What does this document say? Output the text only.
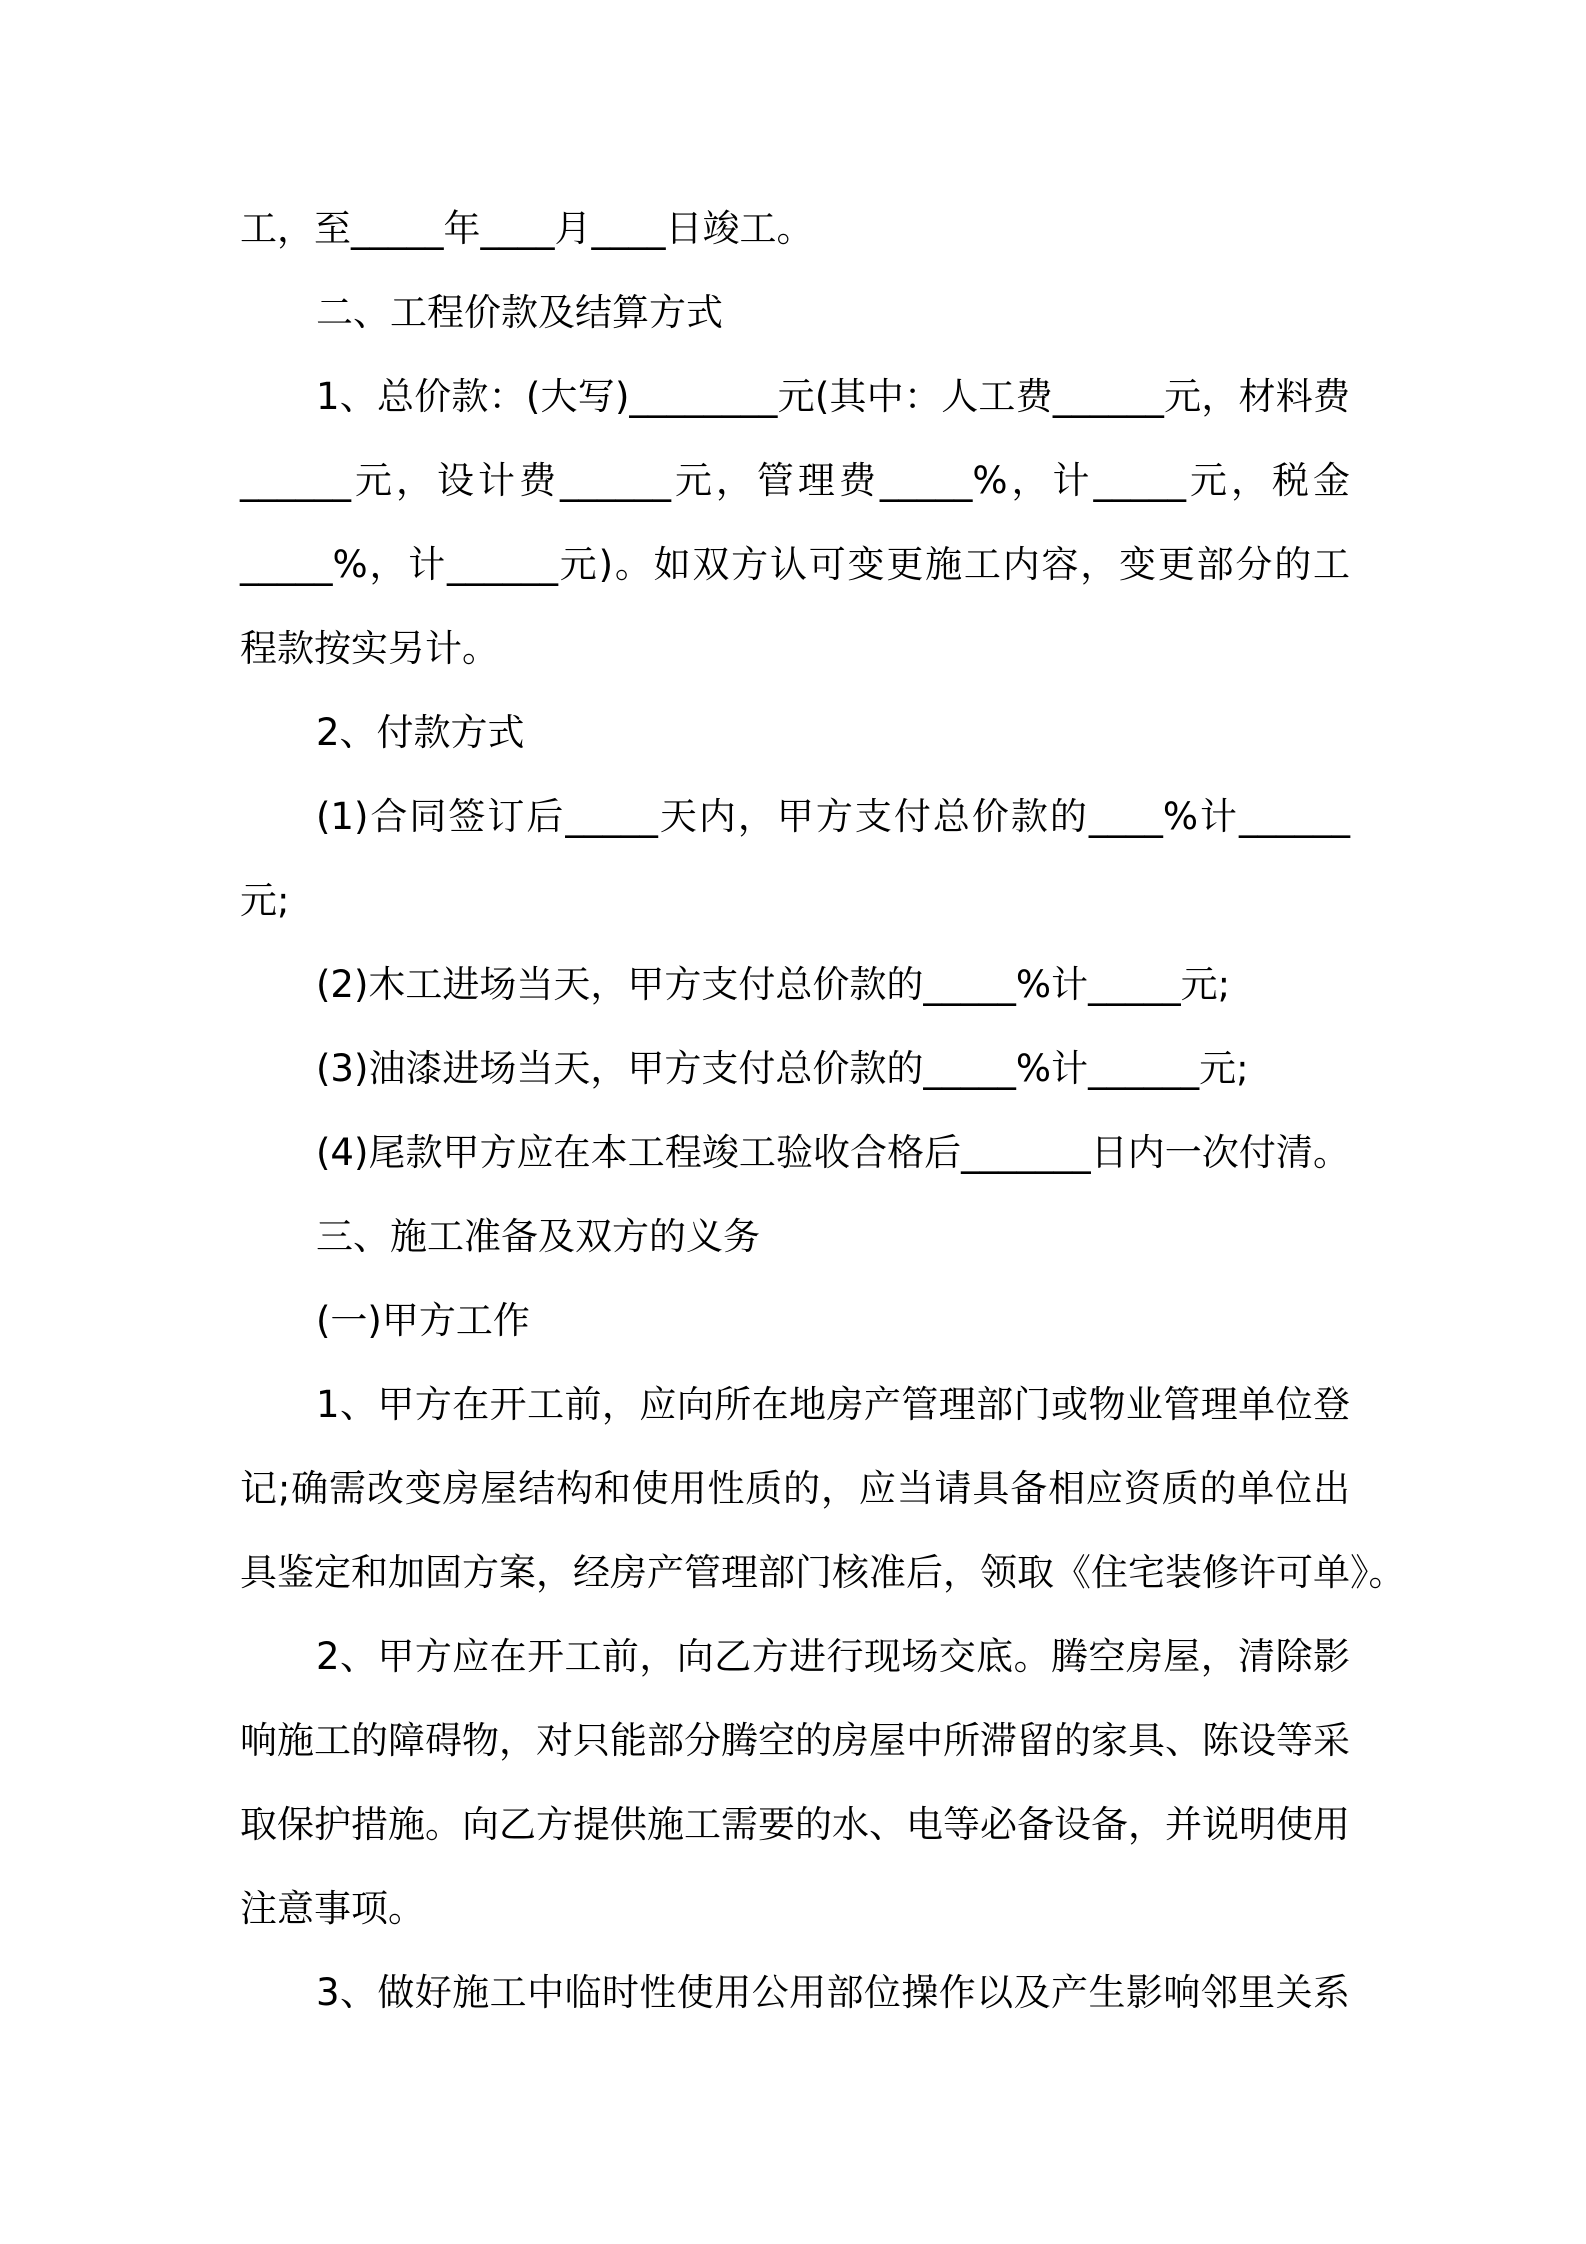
工，至_____年____月____日竣工。
二、工程价款及结算方式
1、总价款：(大写)________元(其中：人工费______元，材料费
______元，设计费______元，管理费_____%，计_____元，税金
_____%，计______元)。如双方认可变更施工内容，变更部分的工
程款按实另计。
2、付款方式
(1)合同签订后_____天内，甲方支付总价款的____%计______
元;
(2)木工进场当天，甲方支付总价款的_____%计_____元;
(3)油漆进场当天，甲方支付总价款的_____%计______元;
(4)尾款甲方应在本工程竣工验收合格后_______日内一次付清。
三、施工准备及双方的义务
(一)甲方工作
1、甲方在开工前，应向所在地房产管理部门或物业管理单位登
记;确需改变房屋结构和使用性质的，应当请具备相应资质的单位出
具鉴定和加固方案，经房产管理部门核准后，领取《住宅装修许可单》。
2、甲方应在开工前，向乙方进行现场交底。腾空房屋，清除影
响施工的障碍物，对只能部分腾空的房屋中所滞留的家具、陈设等采
取保护措施。向乙方提供施工需要的水、电等必备设备，并说明使用
注意事项。
3、做好施工中临时性使用公用部位操作以及产生影响邻里关系
